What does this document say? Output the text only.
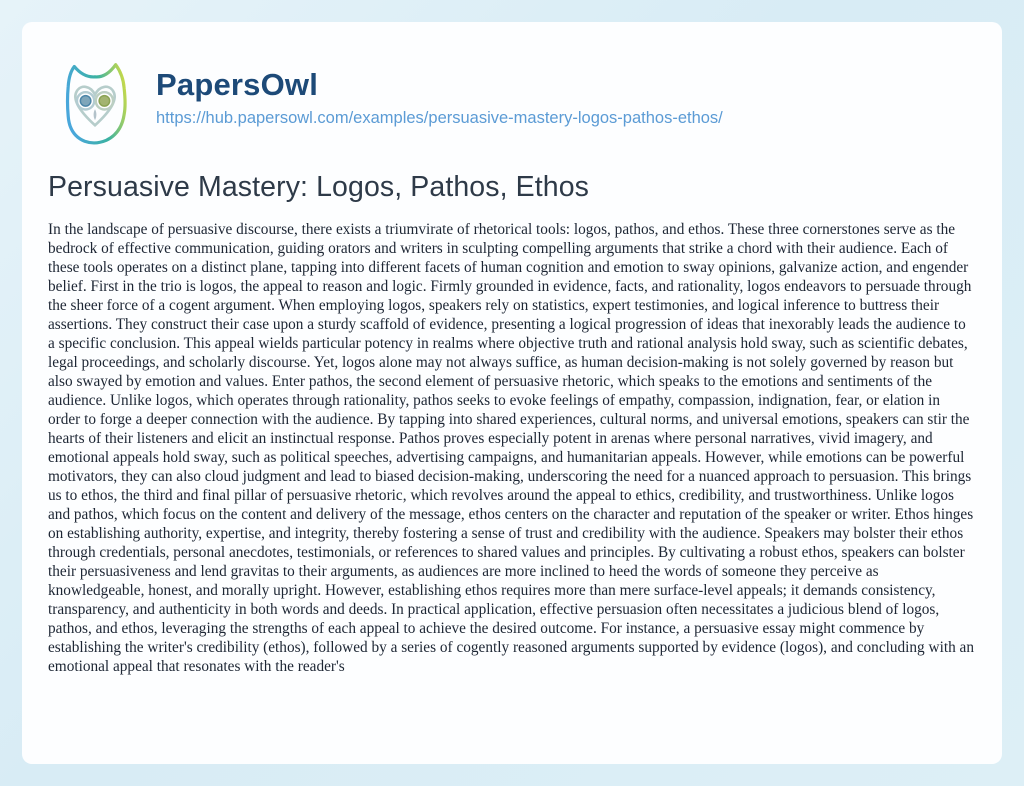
PapersOwl
https://hub.papersowl.com/examples/persuasive-mastery-logos-pathos-ethos/
Persuasive Mastery: Logos, Pathos, Ethos

In the landscape of persuasive discourse, there exists a triumvirate of rhetorical tools: logos, pathos, and ethos. These three cornerstones serve as the bedrock of effective communication, guiding orators and writers in sculpting compelling arguments that strike a chord with their audience. Each of these tools operates on a distinct plane, tapping into different facets of human cognition and emotion to sway opinions, galvanize action, and engender belief. First in the trio is logos, the appeal to reason and logic. Firmly grounded in evidence, facts, and rationality, logos endeavors to persuade through the sheer force of a cogent argument. When employing logos, speakers rely on statistics, expert testimonies, and logical inference to buttress their assertions. They construct their case upon a sturdy scaffold of evidence, presenting a logical progression of ideas that inexorably leads the audience to a specific conclusion. This appeal wields particular potency in realms where objective truth and rational analysis hold sway, such as scientific debates, legal proceedings, and scholarly discourse. Yet, logos alone may not always suffice, as human decision-making is not solely governed by reason but also swayed by emotion and values. Enter pathos, the second element of persuasive rhetoric, which speaks to the emotions and sentiments of the audience. Unlike logos, which operates through rationality, pathos seeks to evoke feelings of empathy, compassion, indignation, fear, or elation in order to forge a deeper connection with the audience. By tapping into shared experiences, cultural norms, and universal emotions, speakers can stir the hearts of their listeners and elicit an instinctual response. Pathos proves especially potent in arenas where personal narratives, vivid imagery, and emotional appeals hold sway, such as political speeches, advertising campaigns, and humanitarian appeals. However, while emotions can be powerful motivators, they can also cloud judgment and lead to biased decision-making, underscoring the need for a nuanced approach to persuasion. This brings us to ethos, the third and final pillar of persuasive rhetoric, which revolves around the appeal to ethics, credibility, and trustworthiness. Unlike logos and pathos, which focus on the content and delivery of the message, ethos centers on the character and reputation of the speaker or writer. Ethos hinges on establishing authority, expertise, and integrity, thereby fostering a sense of trust and credibility with the audience. Speakers may bolster their ethos through credentials, personal anecdotes, testimonials, or references to shared values and principles. By cultivating a robust ethos, speakers can bolster their persuasiveness and lend gravitas to their arguments, as audiences are more inclined to heed the words of someone they perceive as knowledgeable, honest, and morally upright. However, establishing ethos requires more than mere surface-level appeals; it demands consistency, transparency, and authenticity in both words and deeds. In practical application, effective persuasion often necessitates a judicious blend of logos, pathos, and ethos, leveraging the strengths of each appeal to achieve the desired outcome. For instance, a persuasive essay might commence by establishing the writer's credibility (ethos), followed by a series of cogently reasoned arguments supported by evidence (logos), and concluding with an emotional appeal that resonates with the reader's
